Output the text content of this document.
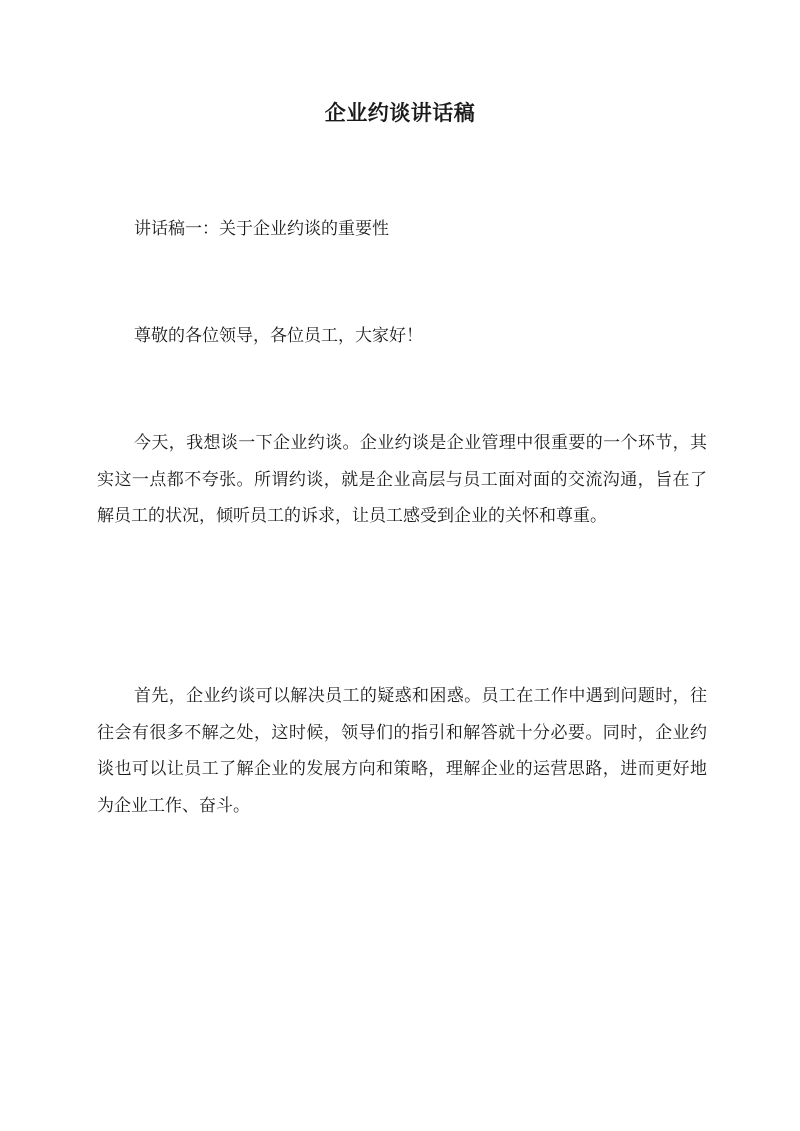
企业约谈讲话稿

讲话稿一：关于企业约谈的重要性

尊敬的各位领导，各位员工，大家好！

今天，我想谈一下企业约谈。企业约谈是企业管理中很重要的一个环节，其实这一点都不夸张。所谓约谈，就是企业高层与员工面对面的交流沟通，旨在了解员工的状况，倾听员工的诉求，让员工感受到企业的关怀和尊重。

首先，企业约谈可以解决员工的疑惑和困惑。员工在工作中遇到问题时，往往会有很多不解之处，这时候，领导们的指引和解答就十分必要。同时，企业约谈也可以让员工了解企业的发展方向和策略，理解企业的运营思路，进而更好地为企业工作、奋斗。
